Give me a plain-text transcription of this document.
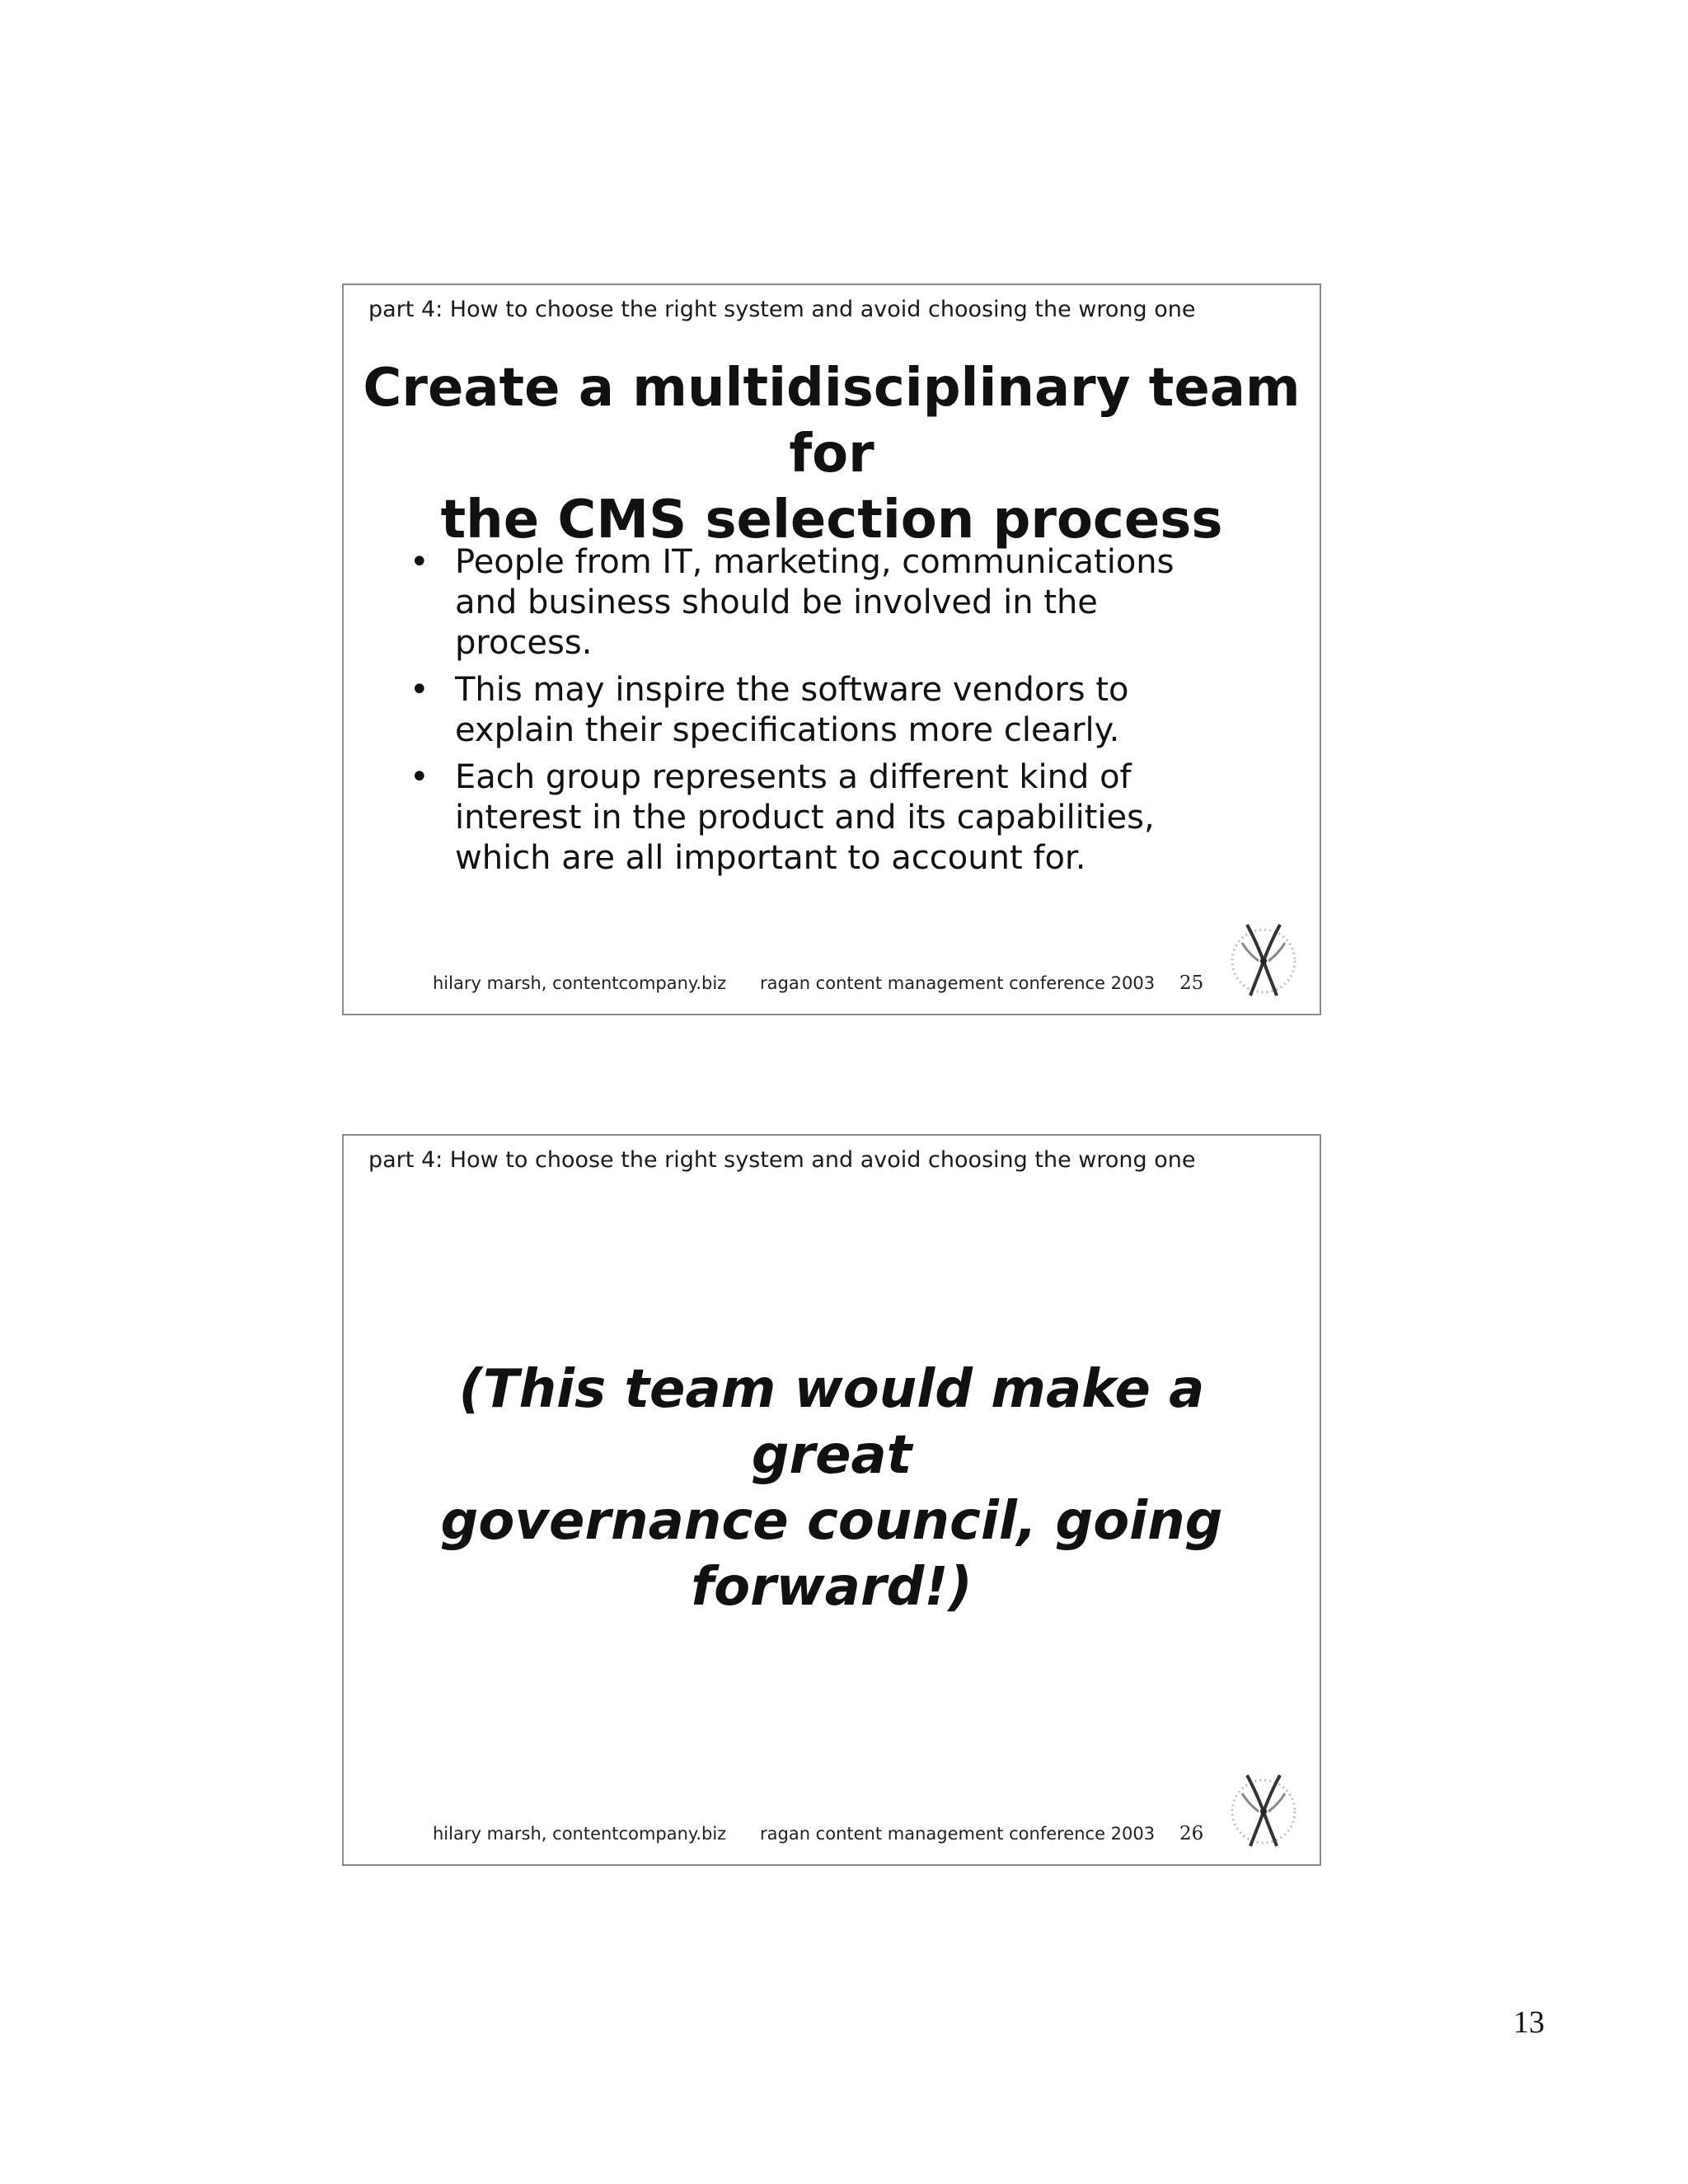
part 4: How to choose the right system and avoid choosing the wrong one
Create a multidisciplinary team for
the CMS selection process
• People from IT, marketing, communications
and business should be involved in the
process.
• This may inspire the software vendors to
explain their specifications more clearly.
• Each group represents a different kind of
interest in the product and its capabilities,
which are all important to account for.
hilary marsh, contentcompany.biz ragan content management conference 2003 25
part 4: How to choose the right system and avoid choosing the wrong one
(This team would make a great
governance council, going
forward!)
hilary marsh, contentcompany.biz ragan content management conference 2003 26
13
